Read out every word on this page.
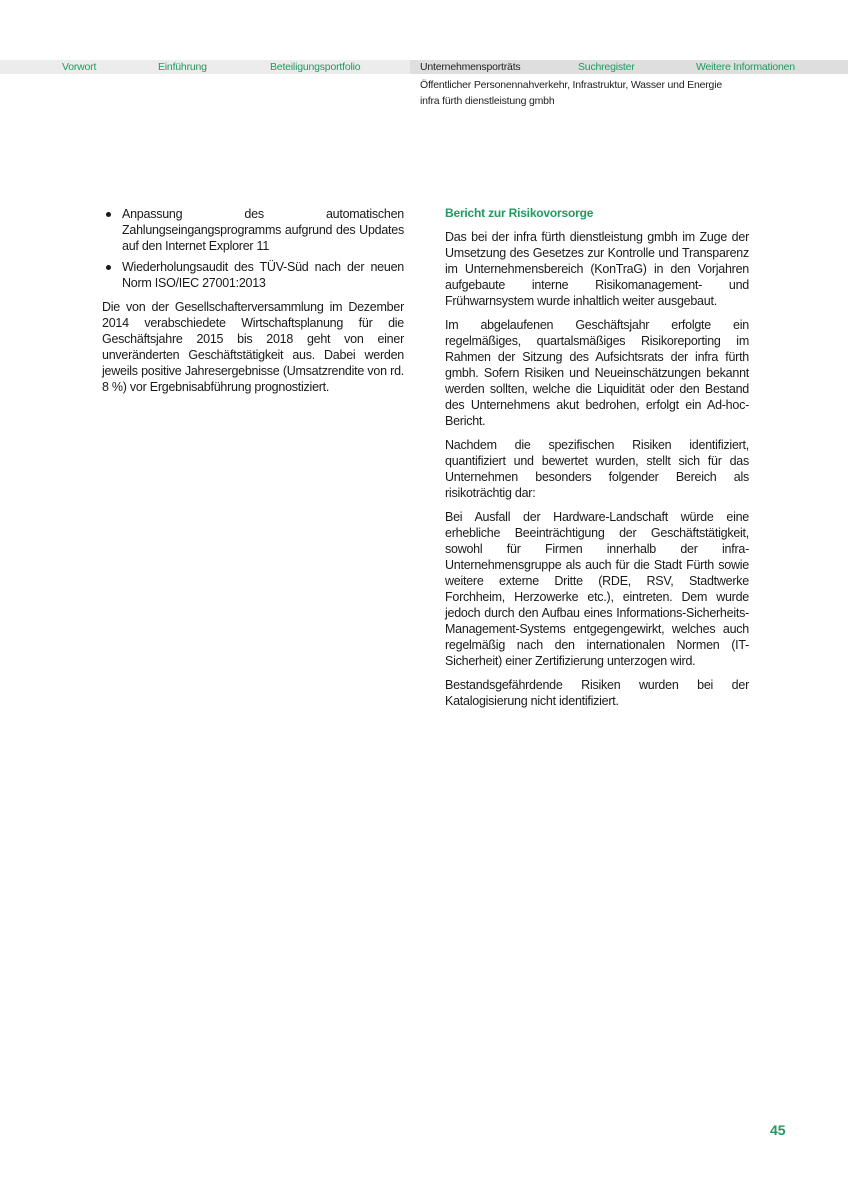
Vorwort	Einführung	Beteiligungsportfolio	Unternehmensporträts	Suchregister	Weitere Informationen
Öffentlicher Personennahverkehr, Infrastruktur, Wasser und Energie
infra fürth dienstleistung gmbh
Anpassung des automatischen Zahlungseingangsprogramms aufgrund des Updates auf den Internet Explorer 11
Wiederholungsaudit des TÜV-Süd nach der neuen Norm ISO/IEC 27001:2013

Die von der Gesellschafterversammlung im Dezember 2014 verabschiedete Wirtschaftsplanung für die Geschäftsjahre 2015 bis 2018 geht von einer unveränderten Geschäftstätigkeit aus. Dabei werden jeweils positive Jahresergebnisse (Umsatzrendite von rd. 8 %) vor Ergebnisabführung prognostiziert.

Bericht zur Risikovorsorge

Das bei der infra fürth dienstleistung gmbh im Zuge der Umsetzung des Gesetzes zur Kontrolle und Transparenz im Unternehmensbereich (KonTraG) in den Vorjahren aufgebaute interne Risikomanagement- und Frühwarnsystem wurde inhaltlich weiter ausgebaut.

Im abgelaufenen Geschäftsjahr erfolgte ein regelmäßiges, quartalsmäßiges Risikoreporting im Rahmen der Sitzung des Aufsichtsrats der infra fürth gmbh. Sofern Risiken und Neueinschätzungen bekannt werden sollten, welche die Liquidität oder den Bestand des Unternehmens akut bedrohen, erfolgt ein Ad-hoc-Bericht.

Nachdem die spezifischen Risiken identifiziert, quantifiziert und bewertet wurden, stellt sich für das Unternehmen besonders folgender Bereich als risikoträchtig dar:

Bei Ausfall der Hardware-Landschaft würde eine erhebliche Beeinträchtigung der Geschäftstätigkeit, sowohl für Firmen innerhalb der infra-Unternehmensgruppe als auch für die Stadt Fürth sowie weitere externe Dritte (RDE, RSV, Stadtwerke Forchheim, Herzowerke etc.), eintreten. Dem wurde jedoch durch den Aufbau eines Informations-Sicherheits-Management-Systems entgegengewirkt, welches auch regelmäßig nach den internationalen Normen (IT-Sicherheit) einer Zertifizierung unterzogen wird.

Bestandsgefährdende Risiken wurden bei der Katalogisierung nicht identifiziert.

45
